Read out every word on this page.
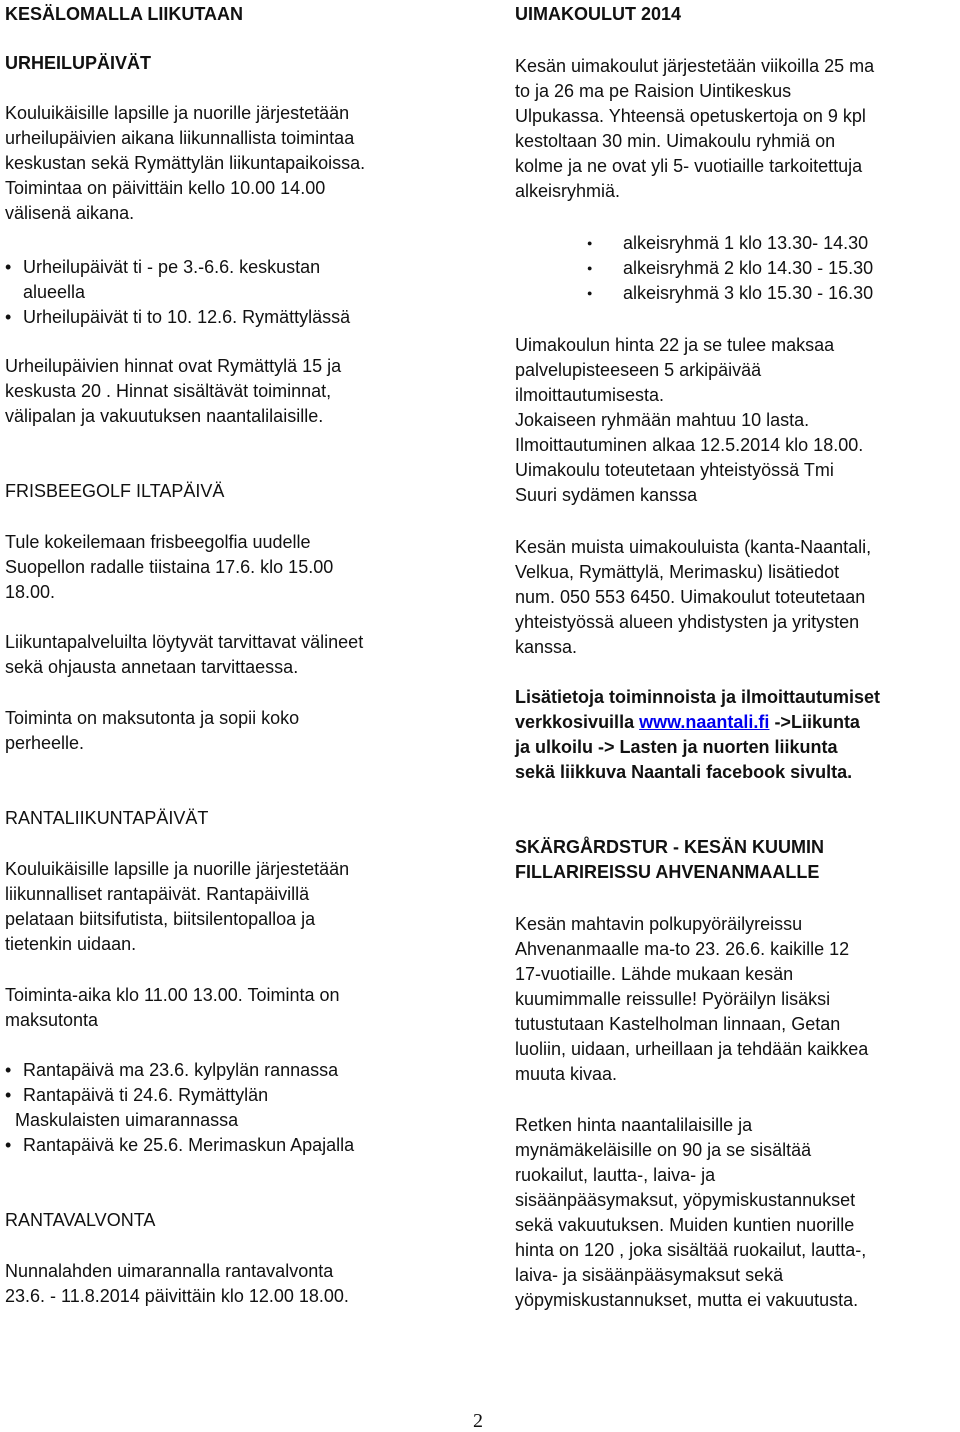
KESÄLOMALLA LIIKUTAAN
URHEILUPÄIVÄT
Kouluikäisille lapsille ja nuorille järjestetään
urheilupäivien aikana liikunnallista toimintaa
keskustan sekä Rymättylän liikuntapaikoissa.
Toimintaa on päivittäin kello 10.00 14.00
välisenä aikana.
• Urheilupäivät ti - pe 3.-6.6. keskustan
alueella
• Urheilupäivät ti to 10. 12.6. Rymättylässä
Urheilupäivien hinnat ovat Rymättylä 15 ja
keskusta 20 . Hinnat sisältävät toiminnat,
välipalan ja vakuutuksen naantalilaisille.
FRISBEEGOLF ILTAPÄIVÄ
Tule kokeilemaan frisbeegolfia uudelle
Suopellon radalle tiistaina 17.6. klo 15.00
18.00.
Liikuntapalveluilta löytyvät tarvittavat välineet
sekä ohjausta annetaan tarvittaessa.
Toiminta on maksutonta ja sopii koko
perheelle.
RANTALIIKUNTAPÄIVÄT
Kouluikäisille lapsille ja nuorille järjestetään
liikunnalliset rantapäivät. Rantapäivillä
pelataan biitsifutista, biitsilentopalloa ja
tietenkin uidaan.
Toiminta-aika klo 11.00 13.00. Toiminta on
maksutonta
• Rantapäivä ma 23.6. kylpylän rannassa
• Rantapäivä ti 24.6. Rymättylän
Maskulaisten uimarannassa
• Rantapäivä ke 25.6. Merimaskun Apajalla
RANTAVALVONTA
Nunnalahden uimarannalla rantavalvonta
23.6. - 11.8.2014 päivittäin klo 12.00 18.00.
UIMAKOULUT 2014
Kesän uimakoulut järjestetään viikoilla 25 ma
to ja 26 ma pe Raision Uintikeskus
Ulpukassa. Yhteensä opetuskertoja on 9 kpl
kestoltaan 30 min. Uimakoulu ryhmiä on
kolme ja ne ovat yli 5- vuotiaille tarkoitettuja
alkeisryhmiä.
● alkeisryhmä 1 klo 13.30- 14.30
● alkeisryhmä 2 klo 14.30 - 15.30
● alkeisryhmä 3 klo 15.30 - 16.30
Uimakoulun hinta 22 ja se tulee maksaa
palvelupisteeseen 5 arkipäivää
ilmoittautumisesta.
Jokaiseen ryhmään mahtuu 10 lasta.
Ilmoittautuminen alkaa 12.5.2014 klo 18.00.
Uimakoulu toteutetaan yhteistyössä Tmi
Suuri sydämen kanssa
Kesän muista uimakouluista (kanta-Naantali,
Velkua, Rymättylä, Merimasku) lisätiedot
num. 050 553 6450. Uimakoulut toteutetaan
yhteistyössä alueen yhdistysten ja yritysten
kanssa.
Lisätietoja toiminnoista ja ilmoittautumiset
verkkosivuilla www.naantali.fi ->Liikunta
ja ulkoilu -> Lasten ja nuorten liikunta
sekä liikkuva Naantali facebook sivulta.
SKÄRGÅRDSTUR - KESÄN KUUMIN
FILLARIREISSU AHVENANMAALLE
Kesän mahtavin polkupyöräilyreissu
Ahvenanmaalle ma-to 23. 26.6. kaikille 12
17-vuotiaille. Lähde mukaan kesän
kuumimmalle reissulle! Pyöräilyn lisäksi
tutustutaan Kastelholman linnaan, Getan
luoliin, uidaan, urheillaan ja tehdään kaikkea
muuta kivaa.
Retken hinta naantalilaisille ja
mynämäkeläisille on 90 ja se sisältää
ruokailut, lautta-, laiva- ja
sisäänpääsymaksut, yöpymiskustannukset
sekä vakuutuksen. Muiden kuntien nuorille
hinta on 120 , joka sisältää ruokailut, lautta-,
laiva- ja sisäänpääsymaksut sekä
yöpymiskustannukset, mutta ei vakuutusta.
2
